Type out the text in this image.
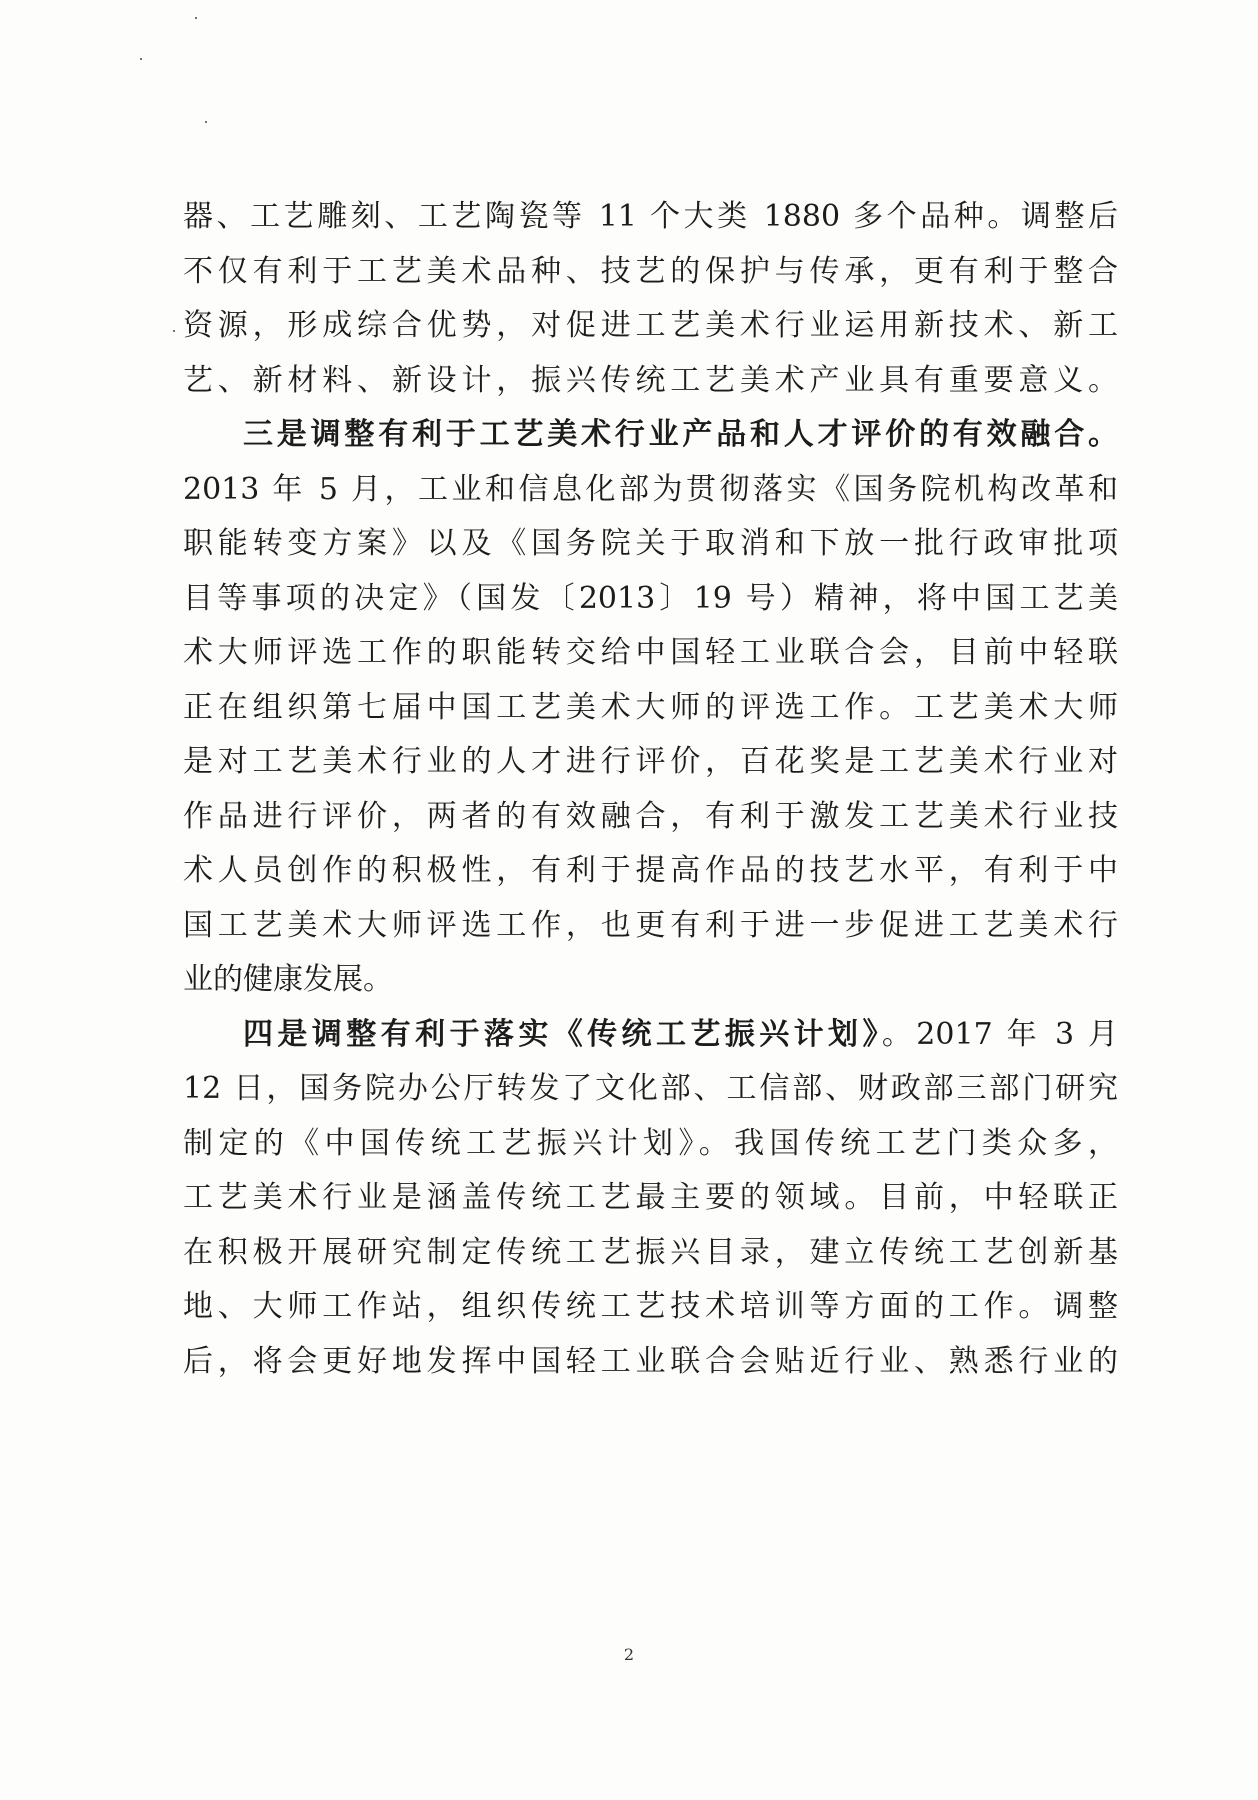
器、工艺雕刻、工艺陶瓷等 11 个大类 1880 多个品种。调整后
不仅有利于工艺美术品种、技艺的保护与传承，更有利于整合
资源，形成综合优势，对促进工艺美术行业运用新技术、新工
艺、新材料、新设计，振兴传统工艺美术产业具有重要意义。
三是调整有利于工艺美术行业产品和人才评价的有效融合。
2013 年 5 月，工业和信息化部为贯彻落实《国务院机构改革和
职能转变方案》以及《国务院关于取消和下放一批行政审批项
目等事项的决定》（国发〔2013〕19 号）精神，将中国工艺美
术大师评选工作的职能转交给中国轻工业联合会，目前中轻联
正在组织第七届中国工艺美术大师的评选工作。工艺美术大师
是对工艺美术行业的人才进行评价，百花奖是工艺美术行业对
作品进行评价，两者的有效融合，有利于激发工艺美术行业技
术人员创作的积极性，有利于提高作品的技艺水平，有利于中
国工艺美术大师评选工作，也更有利于进一步促进工艺美术行
业的健康发展。
四是调整有利于落实《传统工艺振兴计划》。2017 年 3 月
12 日，国务院办公厅转发了文化部、工信部、财政部三部门研究
制定的《中国传统工艺振兴计划》。我国传统工艺门类众多，
工艺美术行业是涵盖传统工艺最主要的领域。目前，中轻联正
在积极开展研究制定传统工艺振兴目录，建立传统工艺创新基
地、大师工作站，组织传统工艺技术培训等方面的工作。调整
后，将会更好地发挥中国轻工业联合会贴近行业、熟悉行业的
2
